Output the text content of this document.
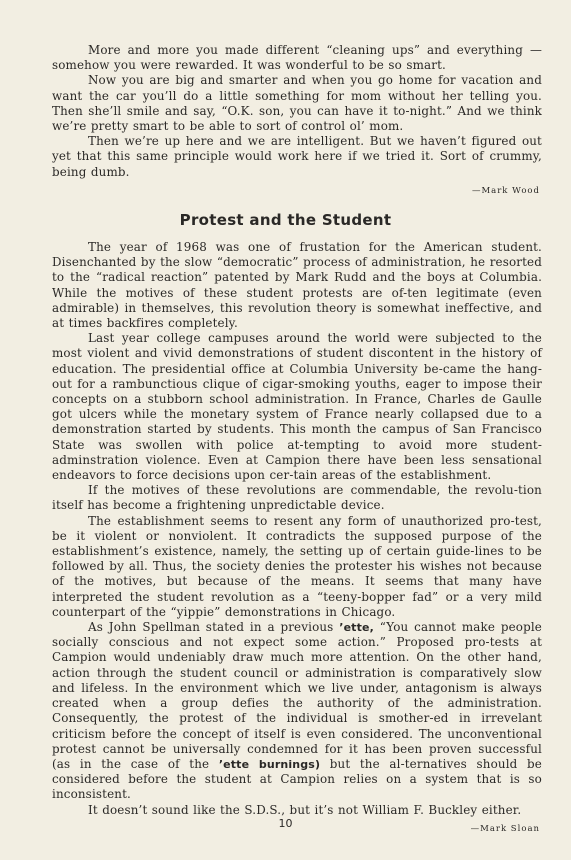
More and more you made different “cleaning ups” and everything —somehow you were rewarded. It was wonderful to be so smart.

Now you are big and smarter and when you go home for vacation and want the car you’ll do a little something for mom without her telling you. Then she’ll smile and say, “O.K. son, you can have it to-night.” And we think we’re pretty smart to be able to sort of control ol’ mom.

Then we’re up here and we are intelligent. But we haven’t figured out yet that this same principle would work here if we tried it. Sort of crummy, being dumb.

—Mark Wood
Protest and the Student

The year of 1968 was one of frustation for the American student. Disenchanted by the slow “democratic” process of administration, he resorted to the “radical reaction” patented by Mark Rudd and the boys at Columbia. While the motives of these student protests are of-ten legitimate (even admirable) in themselves, this revolution theory is somewhat ineffective, and at times backfires completely.

Last year college campuses around the world were subjected to the most violent and vivid demonstrations of student discontent in the history of education. The presidential office at Columbia University be-came the hang-out for a rambunctious clique of cigar-smoking youths, eager to impose their concepts on a stubborn school administration. In France, Charles de Gaulle got ulcers while the monetary system of France nearly collapsed due to a demonstration started by students. This month the campus of San Francisco State was swollen with police at-tempting to avoid more student-adminstration violence. Even at Campion there have been less sensational endeavors to force decisions upon cer-tain areas of the establishment.

If the motives of these revolutions are commendable, the revolu-tion itself has become a frightening unpredictable device.

The establishment seems to resent any form of unauthorized pro-test, be it violent or nonviolent. It contradicts the supposed purpose of the establishment’s existence, namely, the setting up of certain guide-lines to be followed by all. Thus, the society denies the protester his wishes not because of the motives, but because of the means. It seems that many have interpreted the student revolution as a “teeny-bopper fad” or a very mild counterpart of the “yippie” demonstrations in Chicago.

As John Spellman stated in a previous ’ette, “You cannot make people socially conscious and not expect some action.” Proposed pro-tests at Campion would undeniably draw much more attention. On the other hand, action through the student council or administration is comparatively slow and lifeless. In the environment which we live under, antagonism is always created when a group defies the authority of the administration. Consequently, the protest of the individual is smother-ed in irrevelant criticism before the concept of itself is even considered. The unconventional protest cannot be universally condemned for it has been proven successful (as in the case of the ’ette burnings) but the al-ternatives should be considered before the student at Campion relies on a system that is so inconsistent.

It doesn’t sound like the S.D.S., but it’s not William F. Buckley either.

—Mark Sloan
10
